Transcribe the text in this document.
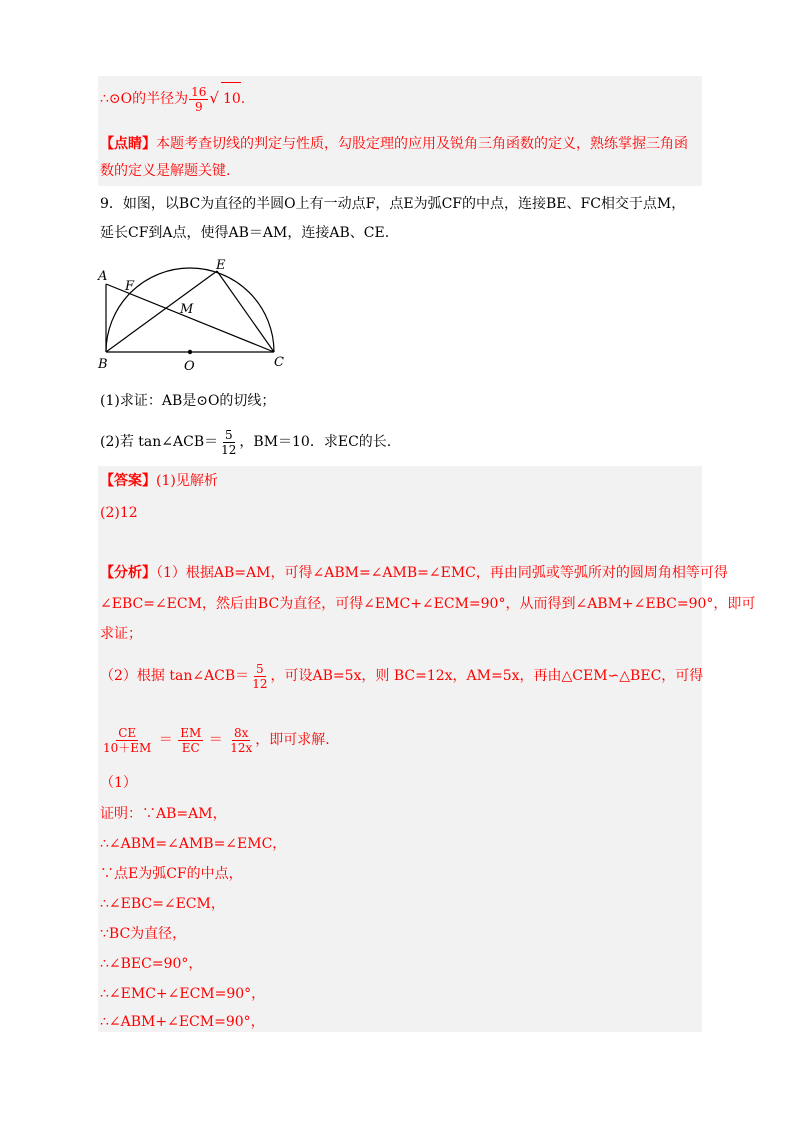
∴⊙O的半径为 $\frac{16}{9}$ √ 10.
【点睛】本题考查切线的判定与性质，勾股定理的应用及锐角三角函数的定义，熟练掌握三角函
数的定义是解题关键.
9．如图，以BC为直径的半圆O上有一动点F，点E为弧CF的中点，连接BE、FC相交于点M，
延长CF到A点，使得AB＝AM，连接AB、CE.
A
F
E
M
B	O	C
(1)求证：AB是⊙O的切线；
(2)若 tan∠ACB＝ $\frac{5}{12}$ ，BM＝10．求EC的长.
【答案】(1)见解析
(2)12
【分析】（1）根据AB=AM，可得∠ABM=∠AMB=∠EMC，再由同弧或等弧所对的圆周角相等可得
∠EBC=∠ECM，然后由BC为直径，可得∠EMC+∠ECM=90°，从而得到∠ABM+∠EBC=90°，即可
求证；
（2）根据 tan∠ACB＝ $\frac{5}{12}$ ，可设AB=5x，则 BC=12x，AM=5x，再由△CEM∽△BEC，可得
$\frac{CE}{10+EM} = \frac{EM}{EC} = \frac{8x}{12x}$ ，即可求解.
（1）
证明：∵AB=AM，
∴∠ABM=∠AMB=∠EMC，
∵点E为弧CF的中点，
∴∠EBC=∠ECM，
∵BC为直径，
∴∠BEC=90°，
∴∠EMC+∠ECM=90°，
∴∠ABM+∠ECM=90°，
